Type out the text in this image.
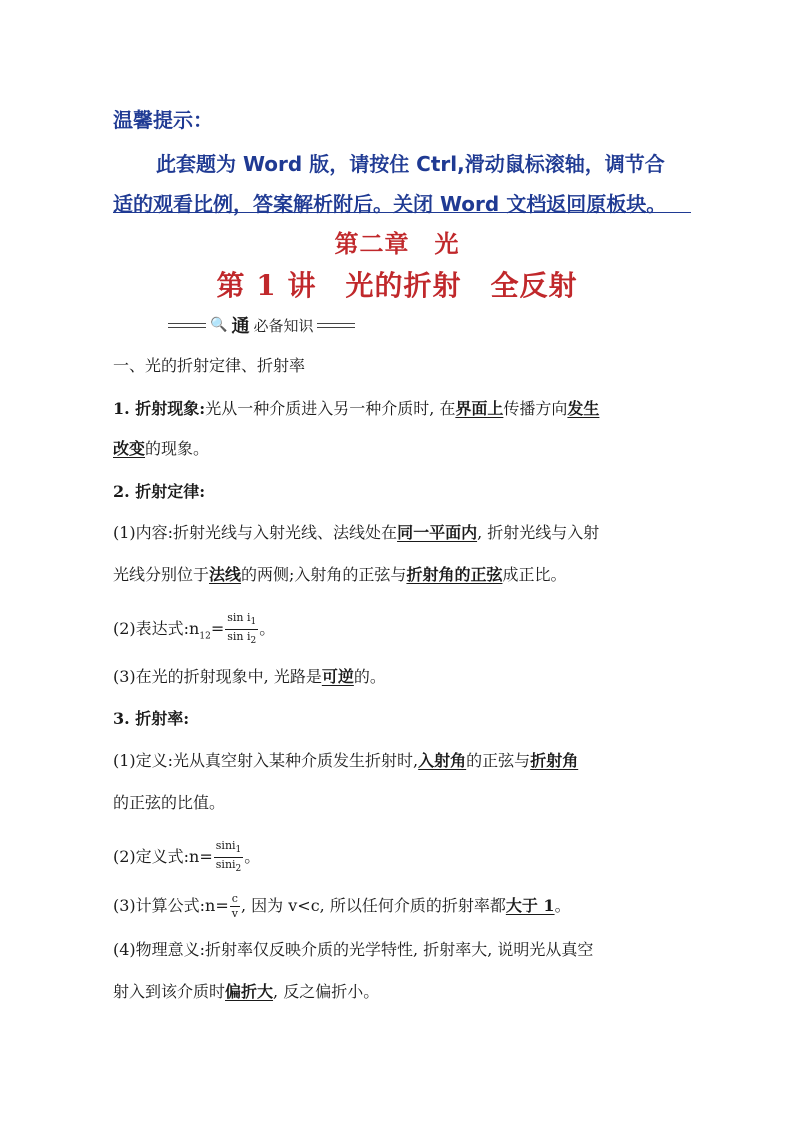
温馨提示：
此套题为 Word 版，请按住 Ctrl,滑动鼠标滚轴，调节合
适的观看比例，答案解析附后。关闭 Word 文档返回原板块。
第二章　光
第 1 讲　光的折射　全反射
🔍 通 必备知识
一、光的折射定律、折射率
1. 折射现象:光从一种介质进入另一种介质时, 在界面上传播方向发生
改变的现象。
2. 折射定律:
(1)内容:折射光线与入射光线、法线处在同一平面内, 折射光线与入射
光线分别位于法线的两侧;入射角的正弦与折射角的正弦成正比。
(2)表达式$:n_{12}= \frac{\sin i_1}{\sin i_2}$ 。
(3)在光的折射现象中, 光路是可逆的。
3. 折射率:
(1)定义:光从真空射入某种介质发生折射时,入射角的正弦与折射角
的正弦的比值。
(2)定义式:n= $\frac{\sin i_1}{\sin i_2}$ 。
(3)计算公式:n= $\frac{c}{v}$ , 因为 v<c, 所以任何介质的折射率都大于 1。
(4)物理意义:折射率仅反映介质的光学特性, 折射率大, 说明光从真空
射入到该介质时偏折大, 反之偏折小。
